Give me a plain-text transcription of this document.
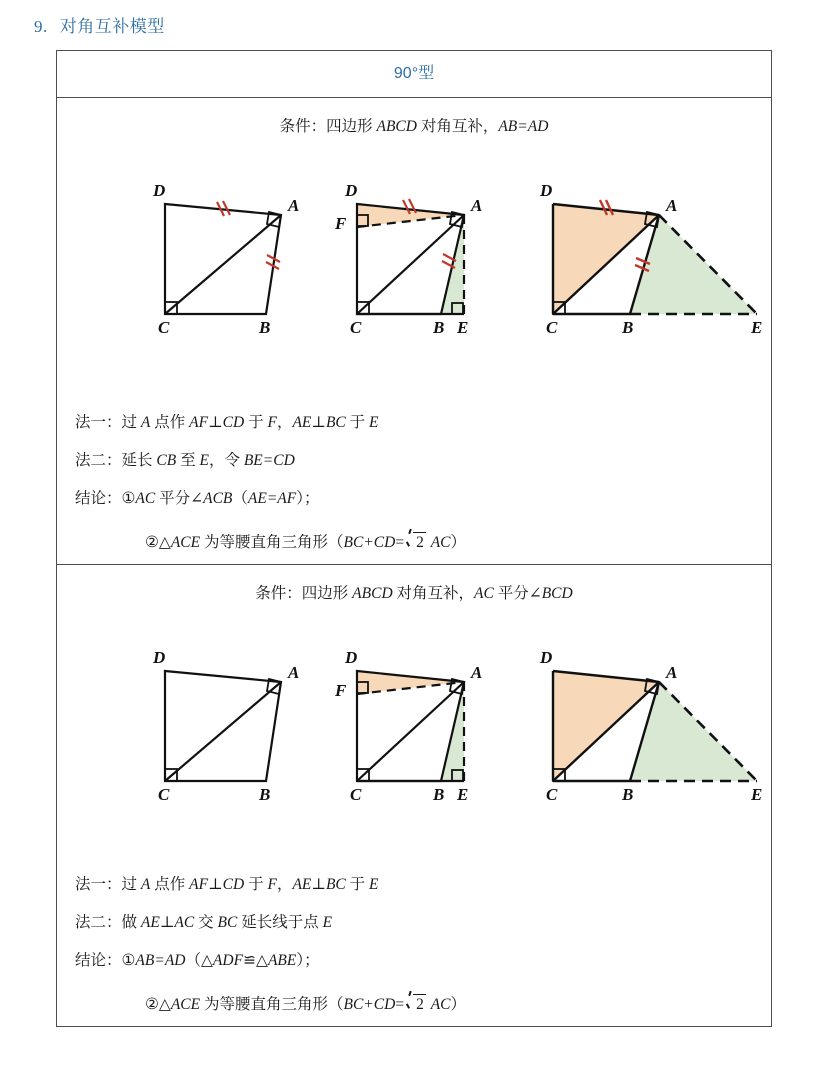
9. 对角互补模型
90°型
条件：四边形 ABCD 对角互补，AB=AD
D
A
C	B
D
A
F
C	B E
D
A
C	B	E
法一：过 A 点作 AF⊥CD 于 F，AE⊥BC 于 E
法二：延长 CB 至 E，令 BE=CD
结论：①AC 平分∠ACB（AE=AF）；
②△ACE 为等腰直角三角形（BC+CD= 2 AC）
条件：四边形 ABCD 对角互补，AC 平分∠BCD
D
A
C	B
D
A
F
C	B E
D
A
C	B	E
法一：过 A 点作 AF⊥CD 于 F，AE⊥BC 于 E
法二：做 AE⊥AC 交 BC 延长线于点 E
结论：①AB=AD（△ADF≌△ABE）；
②△ACE 为等腰直角三角形（BC+CD= 2 AC）
